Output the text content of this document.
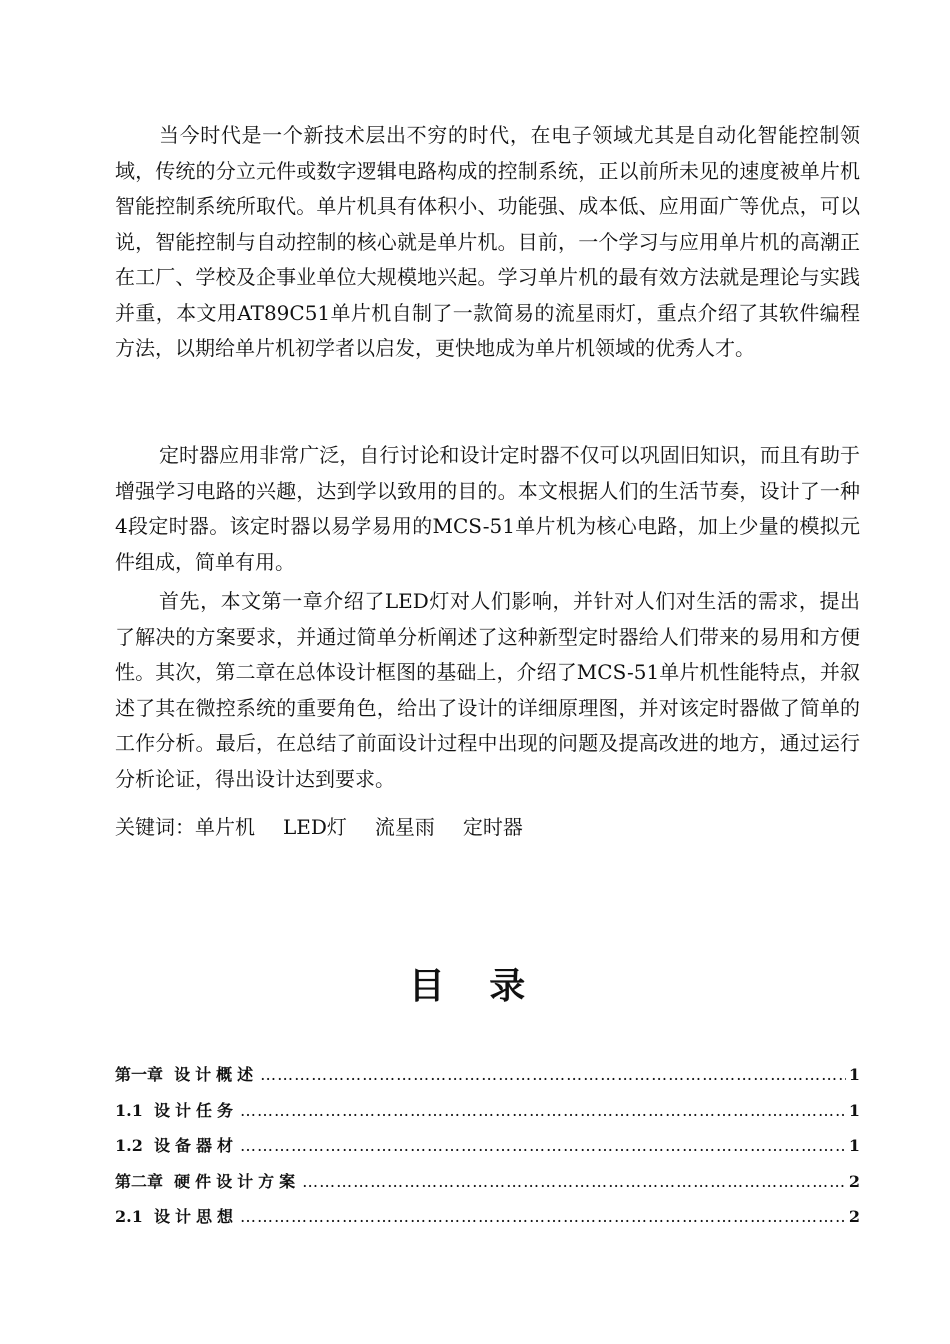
当今时代是一个新技术层出不穷的时代，在电子领域尤其是自动化智能控制领域，传统的分立元件或数字逻辑电路构成的控制系统，正以前所未见的速度被单片机智能控制系统所取代。单片机具有体积小、功能强、成本低、应用面广等优点，可以说，智能控制与自动控制的核心就是单片机。目前，一个学习与应用单片机的高潮正在工厂、学校及企事业单位大规模地兴起。学习单片机的最有效方法就是理论与实践并重，本文用AT89C51单片机自制了一款简易的流星雨灯，重点介绍了其软件编程方法，以期给单片机初学者以启发，更快地成为单片机领域的优秀人才。

定时器应用非常广泛，自行讨论和设计定时器不仅可以巩固旧知识，而且有助于增强学习电路的兴趣，达到学以致用的目的。本文根据人们的生活节奏，设计了一种4段定时器。该定时器以易学易用的MCS-51单片机为核心电路，加上少量的模拟元件组成，简单有用。

首先，本文第一章介绍了LED灯对人们影响，并针对人们对生活的需求，提出了解决的方案要求，并通过简单分析阐述了这种新型定时器给人们带来的易用和方便性。其次，第二章在总体设计框图的基础上，介绍了MCS-51单片机性能特点，并叙述了其在微控系统的重要角色，给出了设计的详细原理图，并对该定时器做了简单的工作分析。最后，在总结了前面设计过程中出现的问题及提高改进的地方，通过运行分析论证，得出设计达到要求。

关键词：单片机 LED灯 流星雨 定时器
目 录
第一章 设计概述 …………………………………………………………………………………………………………………………………………	1
1.1 设计任务 …………………………………………………………………………………………………………………………………………	1
1.2 设备器材 …………………………………………………………………………………………………………………………………………	1
第二章 硬件设计方案 …………………………………………………………………………………………………………………………………………	2
2.1 设计思想 …………………………………………………………………………………………………………………………………………	2
